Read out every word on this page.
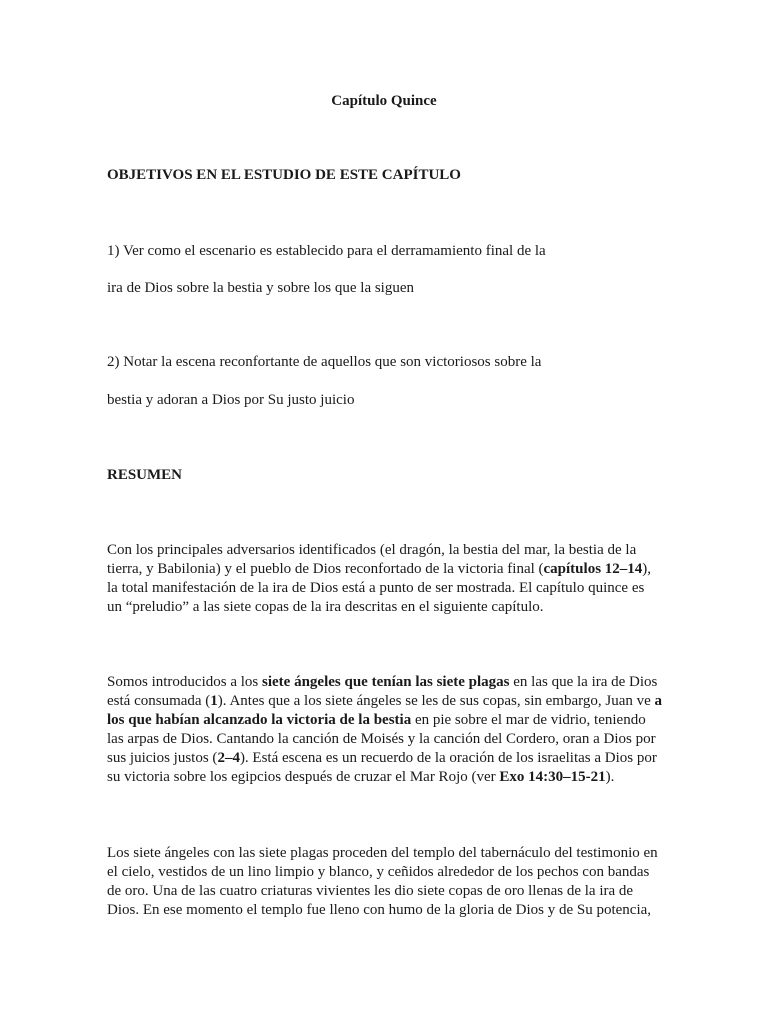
Capítulo Quince
OBJETIVOS EN EL ESTUDIO DE ESTE CAPÍTULO
1) Ver como el escenario es establecido para el derramamiento final de la
ira de Dios sobre la bestia y sobre los que la siguen
2) Notar la escena reconfortante de aquellos que son victoriosos sobre la
bestia y adoran a Dios por Su justo juicio
RESUMEN

Con los principales adversarios identificados (el dragón, la bestia del mar, la bestia de la tierra, y Babilonia) y el pueblo de Dios reconfortado de la victoria final (capítulos 12–14), la total manifestación de la ira de Dios está a punto de ser mostrada. El capítulo quince es un “preludio” a las siete copas de la ira descritas en el siguiente capítulo.

Somos introducidos a los siete ángeles que tenían las siete plagas en las que la ira de Dios está consumada (1). Antes que a los siete ángeles se les de sus copas, sin embargo, Juan ve a los que habían alcanzado la victoria de la bestia en pie sobre el mar de vidrio, teniendo las arpas de Dios. Cantando la canción de Moisés y la canción del Cordero, oran a Dios por sus juicios justos (2–4). Está escena es un recuerdo de la oración de los israelitas a Dios por su victoria sobre los egipcios después de cruzar el Mar Rojo (ver Exo 14:30–15-21).

Los siete ángeles con las siete plagas proceden del templo del tabernáculo del testimonio en el cielo, vestidos de un lino limpio y blanco, y ceñidos alrededor de los pechos con bandas de oro. Una de las cuatro criaturas vivientes les dio siete copas de oro llenas de la ira de Dios. En ese momento el templo fue lleno con humo de la gloria de Dios y de Su potencia,
